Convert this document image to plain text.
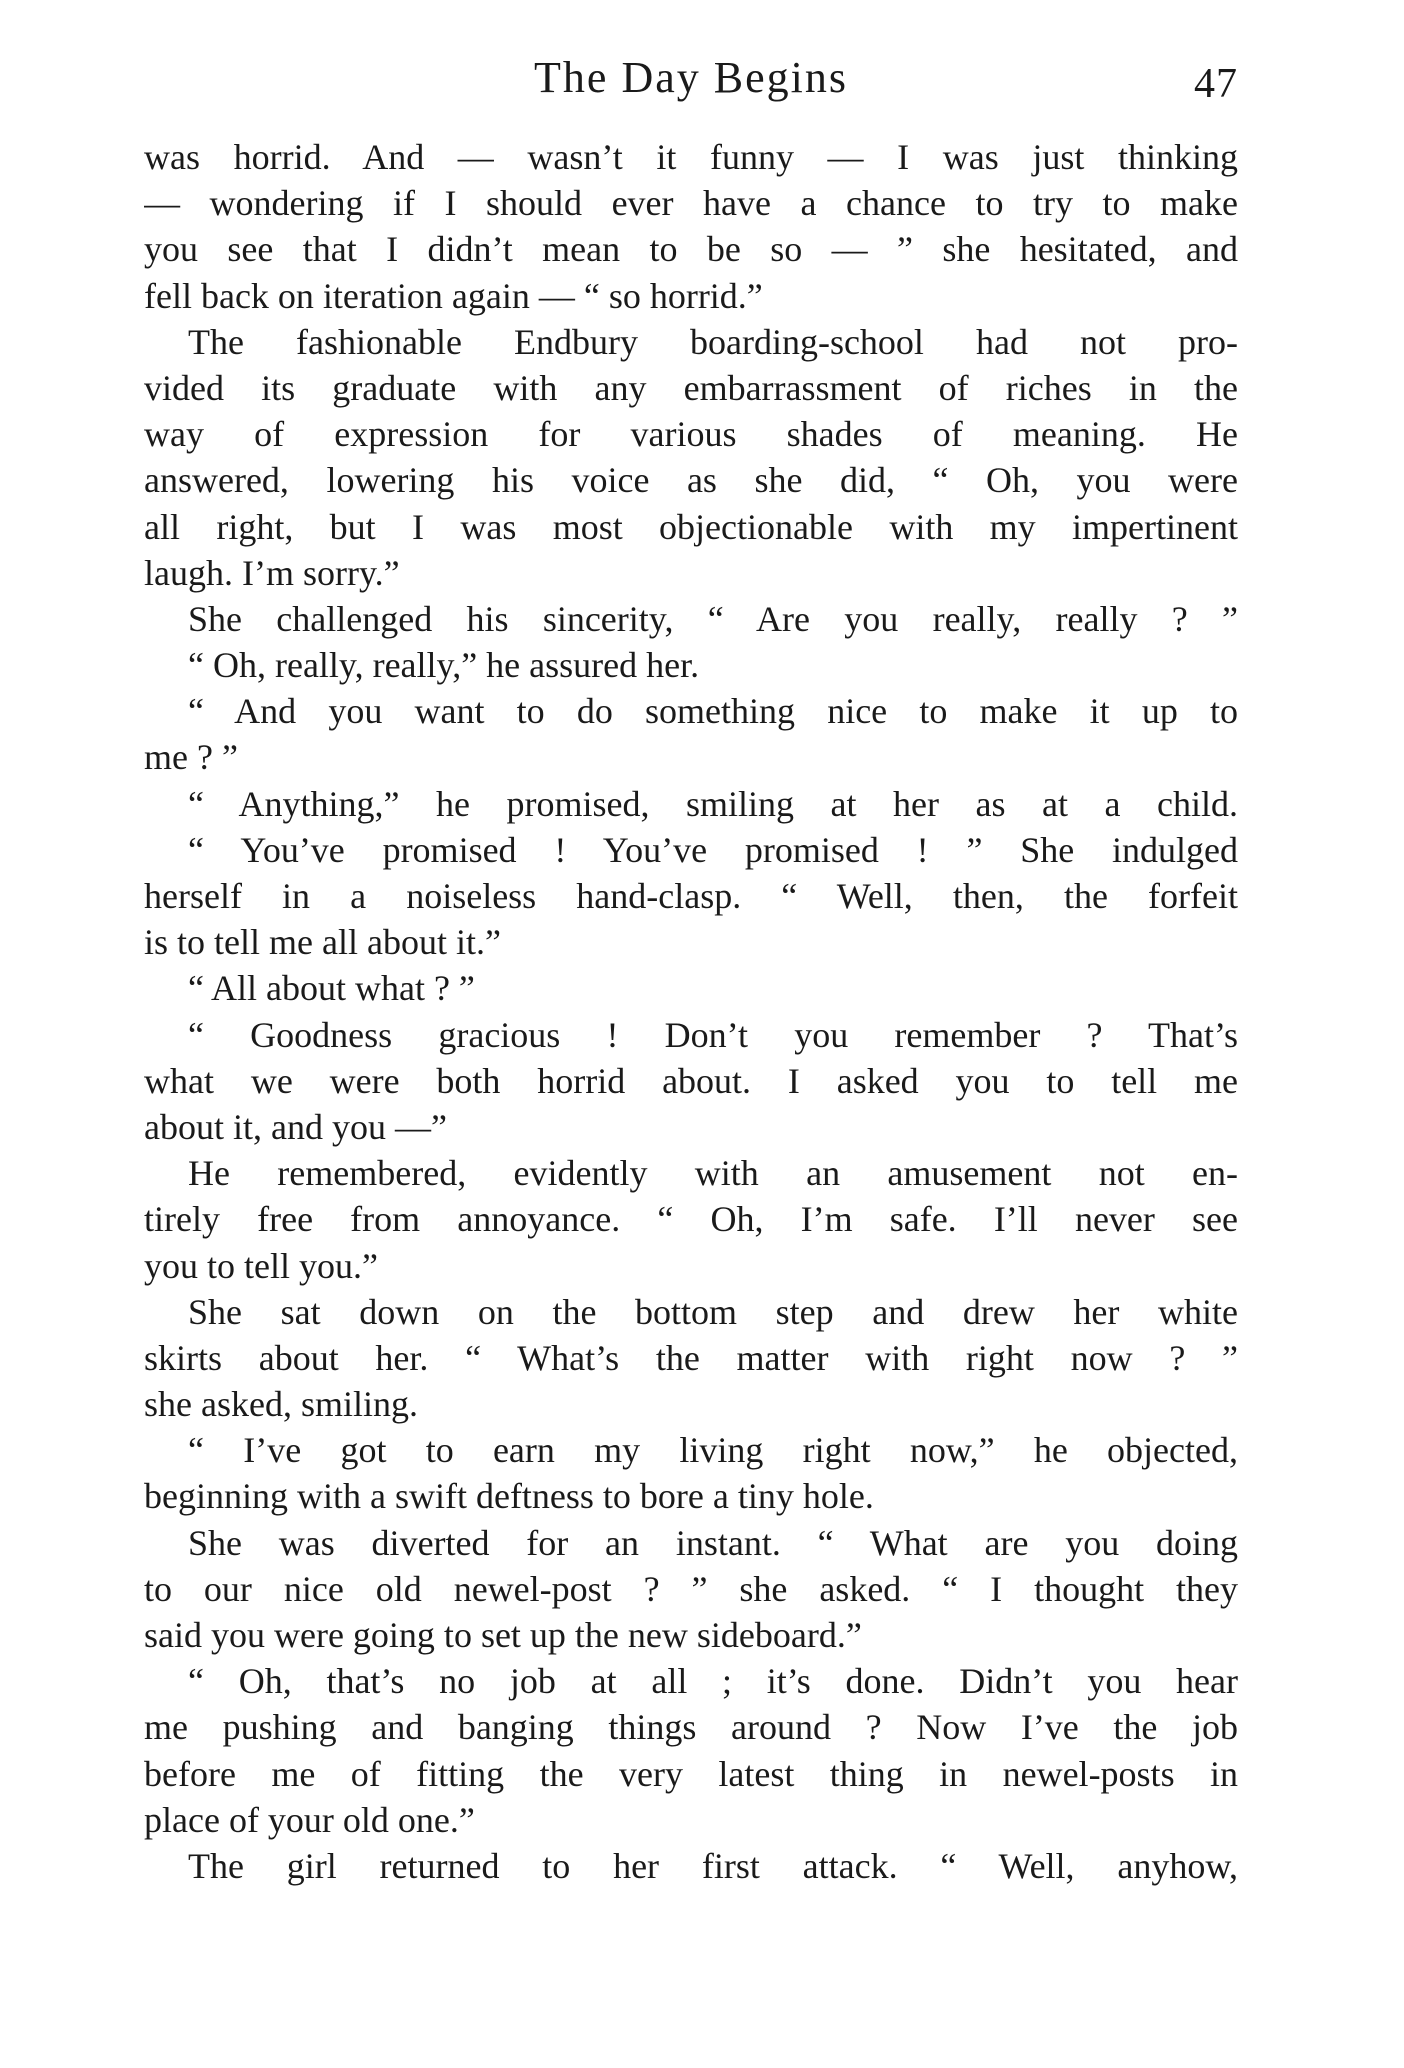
The Day Begins	47
was horrid. And — wasn’t it funny — I was just thinking
— wondering if I should ever have a chance to try to make
you see that I didn’t mean to be so — ” she hesitated, and
fell back on iteration again — “ so horrid.”
The fashionable Endbury boarding-school had not pro-
vided its graduate with any embarrassment of riches in the
way of expression for various shades of meaning. He
answered, lowering his voice as she did, “ Oh, you were
all right, but I was most objectionable with my impertinent
laugh. I’m sorry.”
She challenged his sincerity, “ Are you really, really ? ”
“ Oh, really, really,” he assured her.
“ And you want to do something nice to make it up to
me ? ”
“ Anything,” he promised, smiling at her as at a child.
“ You’ve promised ! You’ve promised ! ” She indulged
herself in a noiseless hand-clasp. “ Well, then, the forfeit
is to tell me all about it.”
“ All about what ? ”
“ Goodness gracious ! Don’t you remember ? That’s
what we were both horrid about. I asked you to tell me
about it, and you —”
He remembered, evidently with an amusement not en-
tirely free from annoyance. “ Oh, I’m safe. I’ll never see
you to tell you.”
She sat down on the bottom step and drew her white
skirts about her. “ What’s the matter with right now ? ”
she asked, smiling.
“ I’ve got to earn my living right now,” he objected,
beginning with a swift deftness to bore a tiny hole.
She was diverted for an instant. “ What are you doing
to our nice old newel-post ? ” she asked. “ I thought they
said you were going to set up the new sideboard.”
“ Oh, that’s no job at all ; it’s done. Didn’t you hear
me pushing and banging things around ? Now I’ve the job
before me of fitting the very latest thing in newel-posts in
place of your old one.”
The girl returned to her first attack. “ Well, anyhow,
